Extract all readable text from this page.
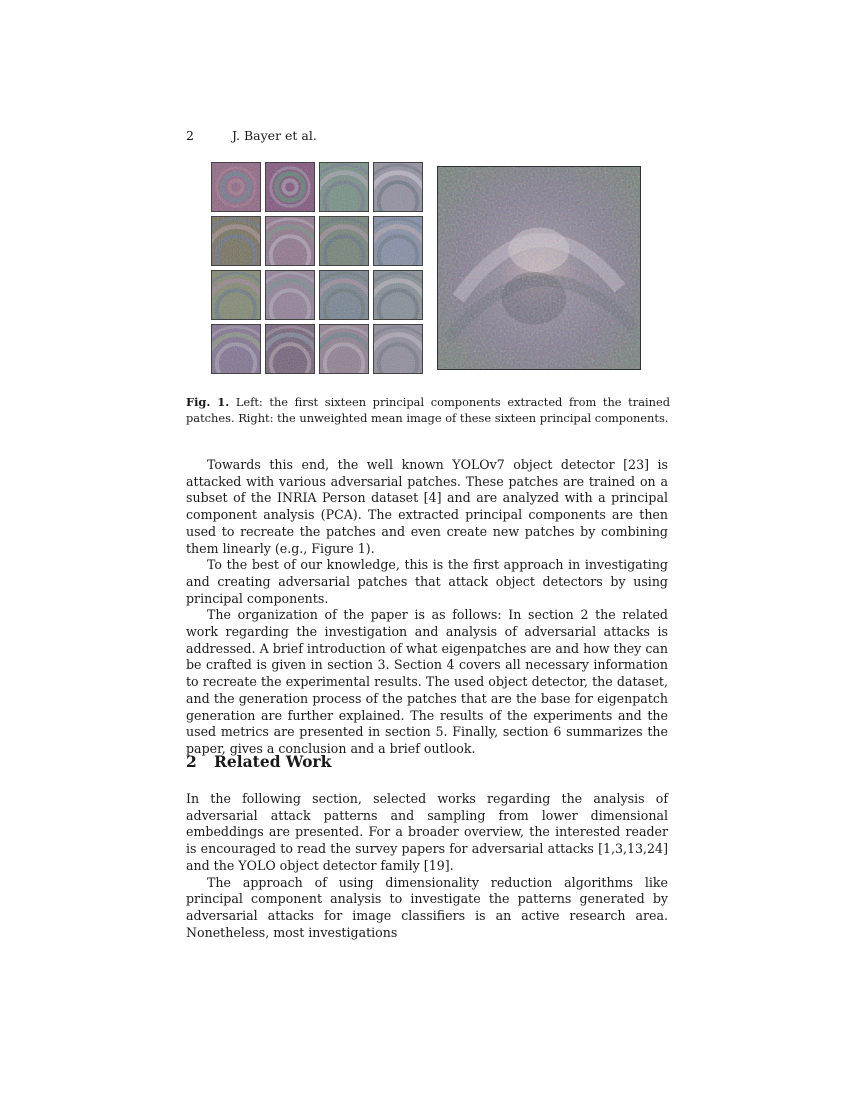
2	J. Bayer et al.
Fig. 1. Left: the first sixteen principal components extracted from the trained patches. Right: the unweighted mean image of these sixteen principal components.

Towards this end, the well known YOLOv7 object detector [23] is attacked with various adversarial patches. These patches are trained on a subset of the INRIA Person dataset [4] and are analyzed with a principal component analysis (PCA). The extracted principal components are then used to recreate the patches and even create new patches by combining them linearly (e.g., Figure 1).

To the best of our knowledge, this is the first approach in investigating and creating adversarial patches that attack object detectors by using principal components.

The organization of the paper is as follows: In section 2 the related work regarding the investigation and analysis of adversarial attacks is addressed. A brief introduction of what eigenpatches are and how they can be crafted is given in section 3. Section 4 covers all necessary information to recreate the experimental results. The used object detector, the dataset, and the generation process of the patches that are the base for eigenpatch generation are further explained. The results of the experiments and the used metrics are presented in section 5. Finally, section 6 summarizes the paper, gives a conclusion and a brief outlook.

2 Related Work

In the following section, selected works regarding the analysis of adversarial attack patterns and sampling from lower dimensional embeddings are presented. For a broader overview, the interested reader is encouraged to read the survey papers for adversarial attacks [1,3,13,24] and the YOLO object detector family [19].

The approach of using dimensionality reduction algorithms like principal component analysis to investigate the patterns generated by adversarial attacks for image classifiers is an active research area. Nonetheless, most investigations
